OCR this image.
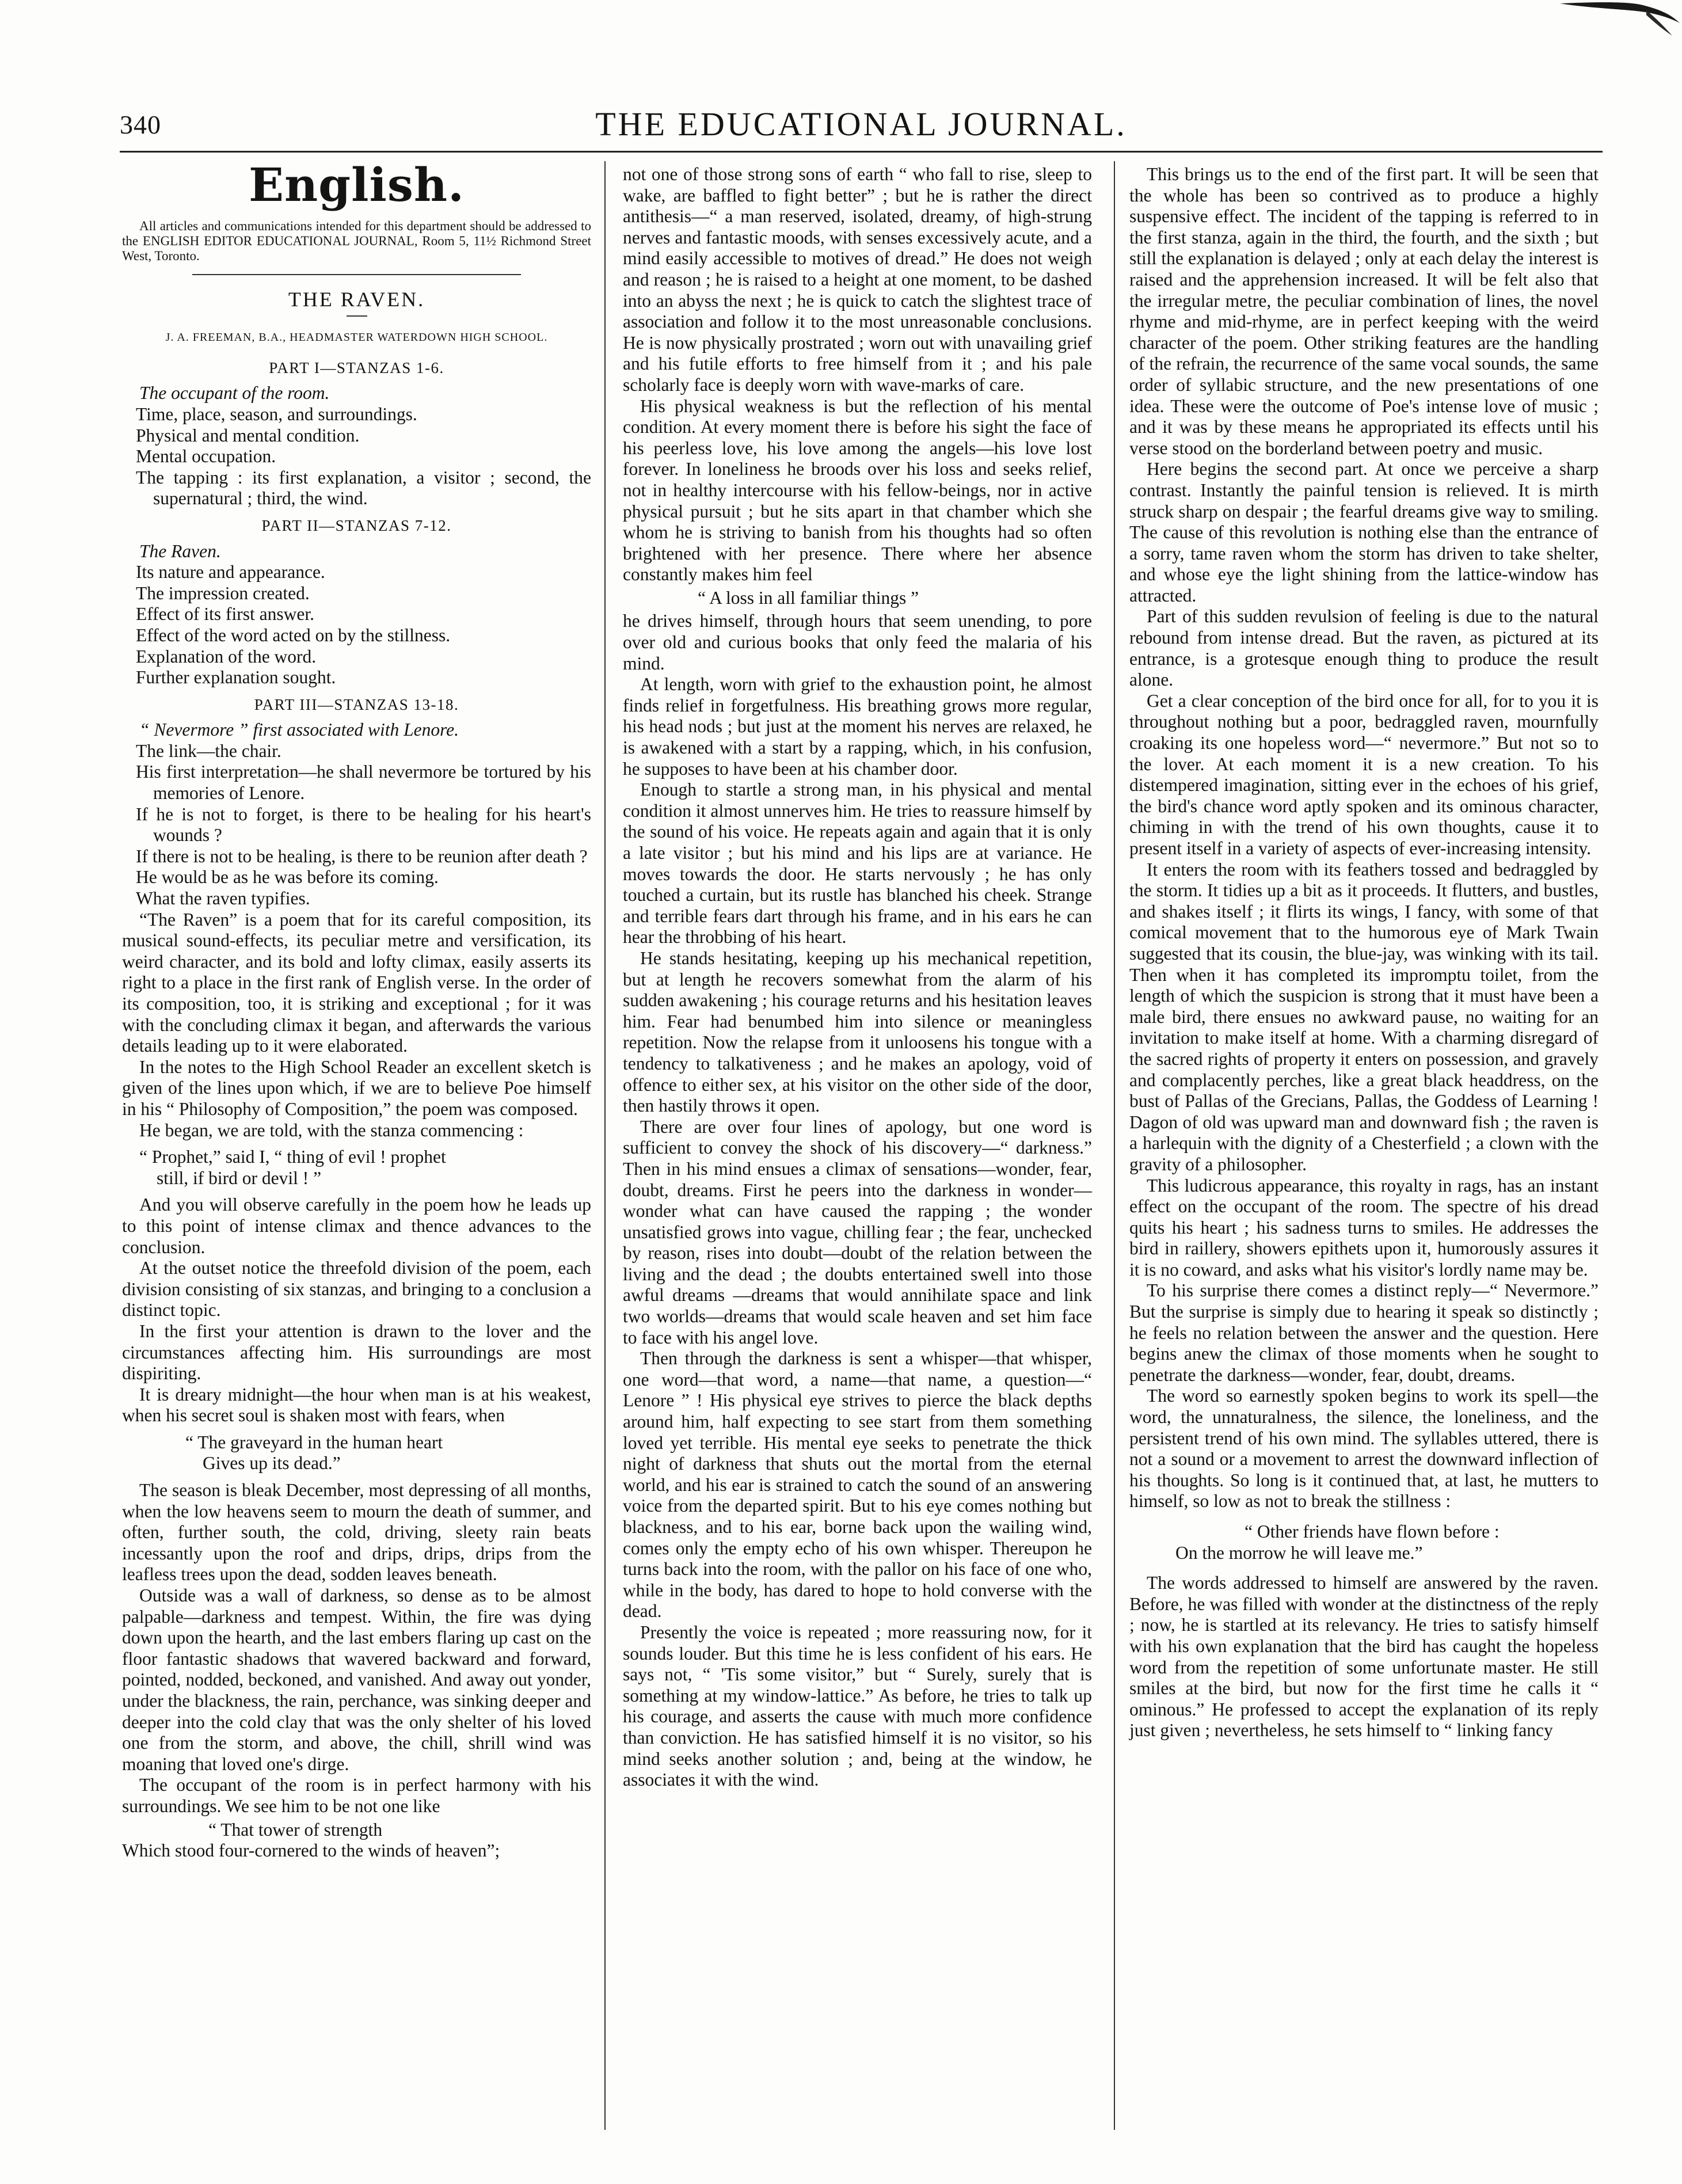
340	THE EDUCATIONAL JOURNAL.
English.

All articles and communications intended for this department should be addressed to the ENGLISH EDITOR EDUCATIONAL JOURNAL, Room 5, 11½ Richmond Street West, Toronto.

THE RAVEN.
J. A. FREEMAN, B.A., HEADMASTER WATERDOWN HIGH SCHOOL.
PART I—STANZAS 1-6.

The occupant of the room.

Time, place, season, and surroundings.
Physical and mental condition.
Mental occupation.
The tapping : its first explanation, a visitor ; second, the supernatural ; third, the wind.
PART II—STANZAS 7-12.

The Raven.

Its nature and appearance.
The impression created.
Effect of its first answer.
Effect of the word acted on by the stillness.
Explanation of the word.
Further explanation sought.
PART III—STANZAS 13-18.

“ Nevermore ” first associated with Lenore.

The link—the chair.
His first interpretation—he shall nevermore be tortured by his memories of Lenore.
If he is not to forget, is there to be healing for his heart's wounds ?
If there is not to be healing, is there to be reunion after death ?
He would be as he was before its coming.
What the raven typifies.

“The Raven” is a poem that for its careful composition, its musical sound-effects, its peculiar metre and versification, its weird character, and its bold and lofty climax, easily asserts its right to a place in the first rank of English verse. In the order of its composition, too, it is striking and exceptional ; for it was with the concluding climax it began, and afterwards the various details leading up to it were elaborated.

In the notes to the High School Reader an excellent sketch is given of the lines upon which, if we are to believe Poe himself in his “ Philosophy of Composition,” the poem was composed.

He began, we are told, with the stanza commencing :

“ Prophet,” said I, “ thing of evil ! prophet
still, if bird or devil ! ”

And you will observe carefully in the poem how he leads up to this point of intense climax and thence advances to the conclusion.

At the outset notice the threefold division of the poem, each division consisting of six stanzas, and bringing to a conclusion a distinct topic.

In the first your attention is drawn to the lover and the circumstances affecting him. His surroundings are most dispiriting.

It is dreary midnight—the hour when man is at his weakest, when his secret soul is shaken most with fears, when

“ The graveyard in the human heart
Gives up its dead.”

The season is bleak December, most depressing of all months, when the low heavens seem to mourn the death of summer, and often, further south, the cold, driving, sleety rain beats incessantly upon the roof and drips, drips, drips from the leafless trees upon the dead, sodden leaves beneath.

Outside was a wall of darkness, so dense as to be almost palpable—darkness and tempest. Within, the fire was dying down upon the hearth, and the last embers flaring up cast on the floor fantastic shadows that wavered backward and forward, pointed, nodded, beckoned, and vanished. And away out yonder, under the blackness, the rain, perchance, was sinking deeper and deeper into the cold clay that was the only shelter of his loved one from the storm, and above, the chill, shrill wind was moaning that loved one's dirge.

The occupant of the room is in perfect harmony with his surroundings. We see him to be not one like

“ That tower of strength
Which stood four-cornered to the winds of heaven”;

not one of those strong sons of earth “ who fall to rise, sleep to wake, are baffled to fight better” ; but he is rather the direct antithesis—“ a man reserved, isolated, dreamy, of high-strung nerves and fantastic moods, with senses excessively acute, and a mind easily accessible to motives of dread.” He does not weigh and reason ; he is raised to a height at one moment, to be dashed into an abyss the next ; he is quick to catch the slightest trace of association and follow it to the most unreasonable conclusions. He is now physically prostrated ; worn out with unavailing grief and his futile efforts to free himself from it ; and his pale scholarly face is deeply worn with wave-marks of care.

His physical weakness is but the reflection of his mental condition. At every moment there is before his sight the face of his peerless love, his love among the angels—his love lost forever. In loneliness he broods over his loss and seeks relief, not in healthy intercourse with his fellow-beings, nor in active physical pursuit ; but he sits apart in that chamber which she whom he is striving to banish from his thoughts had so often brightened with her presence. There where her absence constantly makes him feel

“ A loss in all familiar things ”

he drives himself, through hours that seem unending, to pore over old and curious books that only feed the malaria of his mind.

At length, worn with grief to the exhaustion point, he almost finds relief in forgetfulness. His breathing grows more regular, his head nods ; but just at the moment his nerves are relaxed, he is awakened with a start by a rapping, which, in his confusion, he supposes to have been at his chamber door.

Enough to startle a strong man, in his physical and mental condition it almost unnerves him. He tries to reassure himself by the sound of his voice. He repeats again and again that it is only a late visitor ; but his mind and his lips are at variance. He moves towards the door. He starts nervously ; he has only touched a curtain, but its rustle has blanched his cheek. Strange and terrible fears dart through his frame, and in his ears he can hear the throbbing of his heart.

He stands hesitating, keeping up his mechanical repetition, but at length he recovers somewhat from the alarm of his sudden awakening ; his courage returns and his hesitation leaves him. Fear had benumbed him into silence or meaningless repetition. Now the relapse from it unloosens his tongue with a tendency to talkativeness ; and he makes an apology, void of offence to either sex, at his visitor on the other side of the door, then hastily throws it open.

There are over four lines of apology, but one word is sufficient to convey the shock of his discovery—“ darkness.” Then in his mind ensues a climax of sensations—wonder, fear, doubt, dreams. First he peers into the darkness in wonder—wonder what can have caused the rapping ; the wonder unsatisfied grows into vague, chilling fear ; the fear, unchecked by reason, rises into doubt—doubt of the relation between the living and the dead ; the doubts entertained swell into those awful dreams —dreams that would annihilate space and link two worlds—dreams that would scale heaven and set him face to face with his angel love.

Then through the darkness is sent a whisper—that whisper, one word—that word, a name—that name, a question—“ Lenore ” ! His physical eye strives to pierce the black depths around him, half expecting to see start from them something loved yet terrible. His mental eye seeks to penetrate the thick night of darkness that shuts out the mortal from the eternal world, and his ear is strained to catch the sound of an answering voice from the departed spirit. But to his eye comes nothing but blackness, and to his ear, borne back upon the wailing wind, comes only the empty echo of his own whisper. Thereupon he turns back into the room, with the pallor on his face of one who, while in the body, has dared to hope to hold converse with the dead.

Presently the voice is repeated ; more reassuring now, for it sounds louder. But this time he is less confident of his ears. He says not, “ 'Tis some visitor,” but “ Surely, surely that is something at my window-lattice.” As before, he tries to talk up his courage, and asserts the cause with much more confidence than conviction. He has satisfied himself it is no visitor, so his mind seeks another solution ; and, being at the window, he associates it with the wind.

This brings us to the end of the first part. It will be seen that the whole has been so contrived as to produce a highly suspensive effect. The incident of the tapping is referred to in the first stanza, again in the third, the fourth, and the sixth ; but still the explanation is delayed ; only at each delay the interest is raised and the apprehension increased. It will be felt also that the irregular metre, the peculiar combination of lines, the novel rhyme and mid-rhyme, are in perfect keeping with the weird character of the poem. Other striking features are the handling of the refrain, the recurrence of the same vocal sounds, the same order of syllabic structure, and the new presentations of one idea. These were the outcome of Poe's intense love of music ; and it was by these means he appropriated its effects until his verse stood on the borderland between poetry and music.

Here begins the second part. At once we perceive a sharp contrast. Instantly the painful tension is relieved. It is mirth struck sharp on despair ; the fearful dreams give way to smiling. The cause of this revolution is nothing else than the entrance of a sorry, tame raven whom the storm has driven to take shelter, and whose eye the light shining from the lattice-window has attracted.

Part of this sudden revulsion of feeling is due to the natural rebound from intense dread. But the raven, as pictured at its entrance, is a grotesque enough thing to produce the result alone.

Get a clear conception of the bird once for all, for to you it is throughout nothing but a poor, bedraggled raven, mournfully croaking its one hopeless word—“ nevermore.” But not so to the lover. At each moment it is a new creation. To his distempered imagination, sitting ever in the echoes of his grief, the bird's chance word aptly spoken and its ominous character, chiming in with the trend of his own thoughts, cause it to present itself in a variety of aspects of ever-increasing intensity.

It enters the room with its feathers tossed and bedraggled by the storm. It tidies up a bit as it proceeds. It flutters, and bustles, and shakes itself ; it flirts its wings, I fancy, with some of that comical movement that to the humorous eye of Mark Twain suggested that its cousin, the blue-jay, was winking with its tail. Then when it has completed its impromptu toilet, from the length of which the suspicion is strong that it must have been a male bird, there ensues no awkward pause, no waiting for an invitation to make itself at home. With a charming disregard of the sacred rights of property it enters on possession, and gravely and complacently perches, like a great black headdress, on the bust of Pallas of the Grecians, Pallas, the Goddess of Learning ! Dagon of old was upward man and downward fish ; the raven is a harlequin with the dignity of a Chesterfield ; a clown with the gravity of a philosopher.

This ludicrous appearance, this royalty in rags, has an instant effect on the occupant of the room. The spectre of his dread quits his heart ; his sadness turns to smiles. He addresses the bird in raillery, showers epithets upon it, humorously assures it it is no coward, and asks what his visitor's lordly name may be.

To his surprise there comes a distinct reply—“ Nevermore.” But the surprise is simply due to hearing it speak so distinctly ; he feels no relation between the answer and the question. Here begins anew the climax of those moments when he sought to penetrate the darkness—wonder, fear, doubt, dreams.

The word so earnestly spoken begins to work its spell—the word, the unnaturalness, the silence, the loneliness, and the persistent trend of his own mind. The syllables uttered, there is not a sound or a movement to arrest the downward inflection of his thoughts. So long is it continued that, at last, he mutters to himself, so low as not to break the stillness :

“ Other friends have flown before :
On the morrow he will leave me.”

The words addressed to himself are answered by the raven. Before, he was filled with wonder at the distinctness of the reply ; now, he is startled at its relevancy. He tries to satisfy himself with his own explanation that the bird has caught the hopeless word from the repetition of some unfortunate master. He still smiles at the bird, but now for the first time he calls it “ ominous.” He professed to accept the explanation of its reply just given ; nevertheless, he sets himself to “ linking fancy
